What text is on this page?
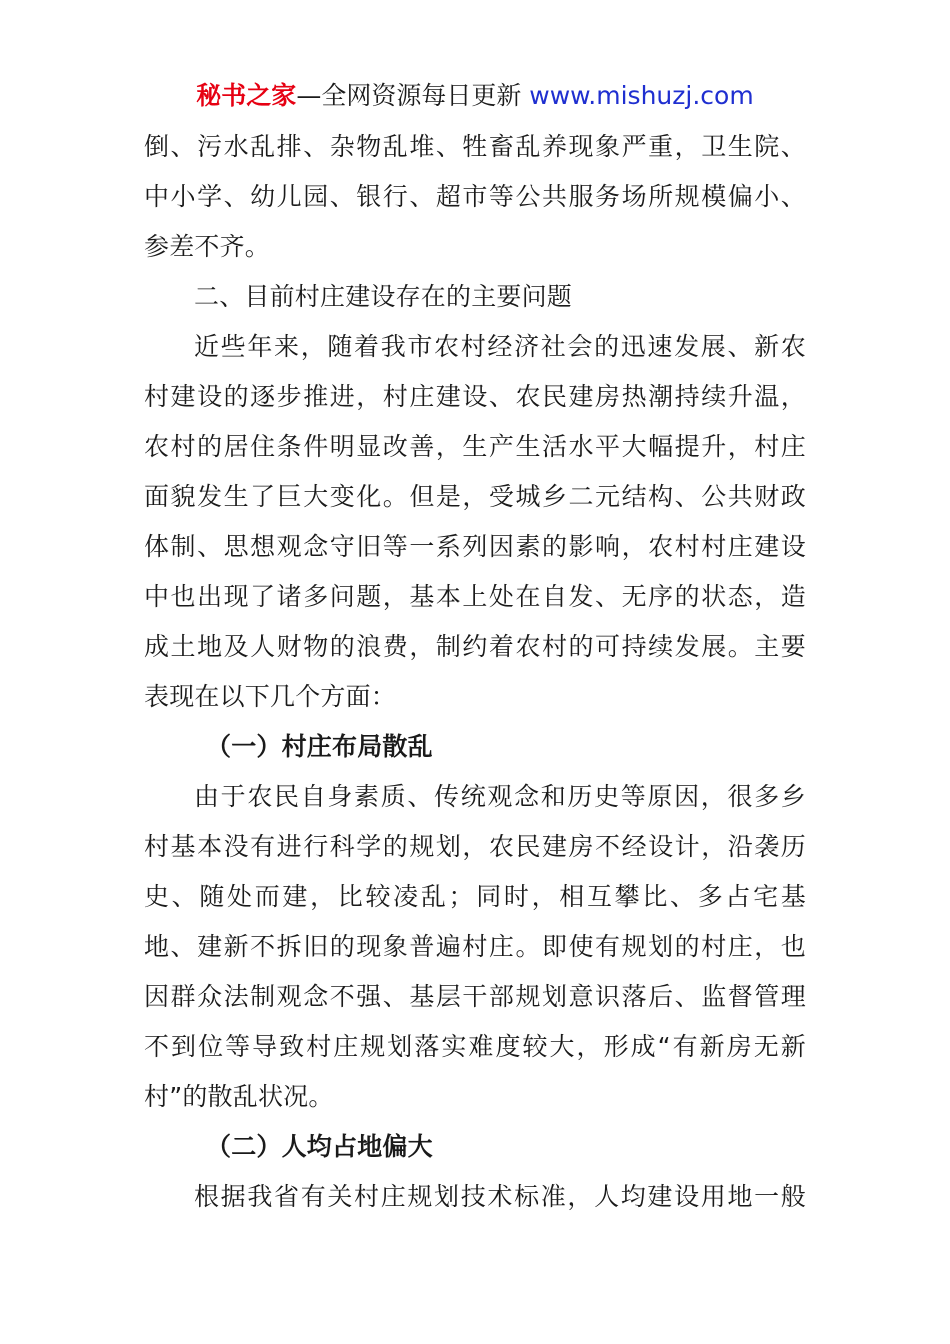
秘书之家—全网资源每日更新 www.mishuzj.com
倒、污水乱排、杂物乱堆、牲畜乱养现象严重，卫生院、
中小学、幼儿园、银行、超市等公共服务场所规模偏小、
参差不齐。
二、目前村庄建设存在的主要问题
近些年来，随着我市农村经济社会的迅速发展、新农
村建设的逐步推进，村庄建设、农民建房热潮持续升温，
农村的居住条件明显改善，生产生活水平大幅提升，村庄
面貌发生了巨大变化。但是，受城乡二元结构、公共财政
体制、思想观念守旧等一系列因素的影响，农村村庄建设
中也出现了诸多问题，基本上处在自发、无序的状态，造
成土地及人财物的浪费，制约着农村的可持续发展。主要
表现在以下几个方面：
（一）村庄布局散乱
由于农民自身素质、传统观念和历史等原因，很多乡
村基本没有进行科学的规划，农民建房不经设计，沿袭历
史、随处而建，比较凌乱；同时，相互攀比、多占宅基
地、建新不拆旧的现象普遍村庄。即使有规划的村庄，也
因群众法制观念不强、基层干部规划意识落后、监督管理
不到位等导致村庄规划落实难度较大，形成“有新房无新
村”的散乱状况。
（二）人均占地偏大
根据我省有关村庄规划技术标准，人均建设用地一般
